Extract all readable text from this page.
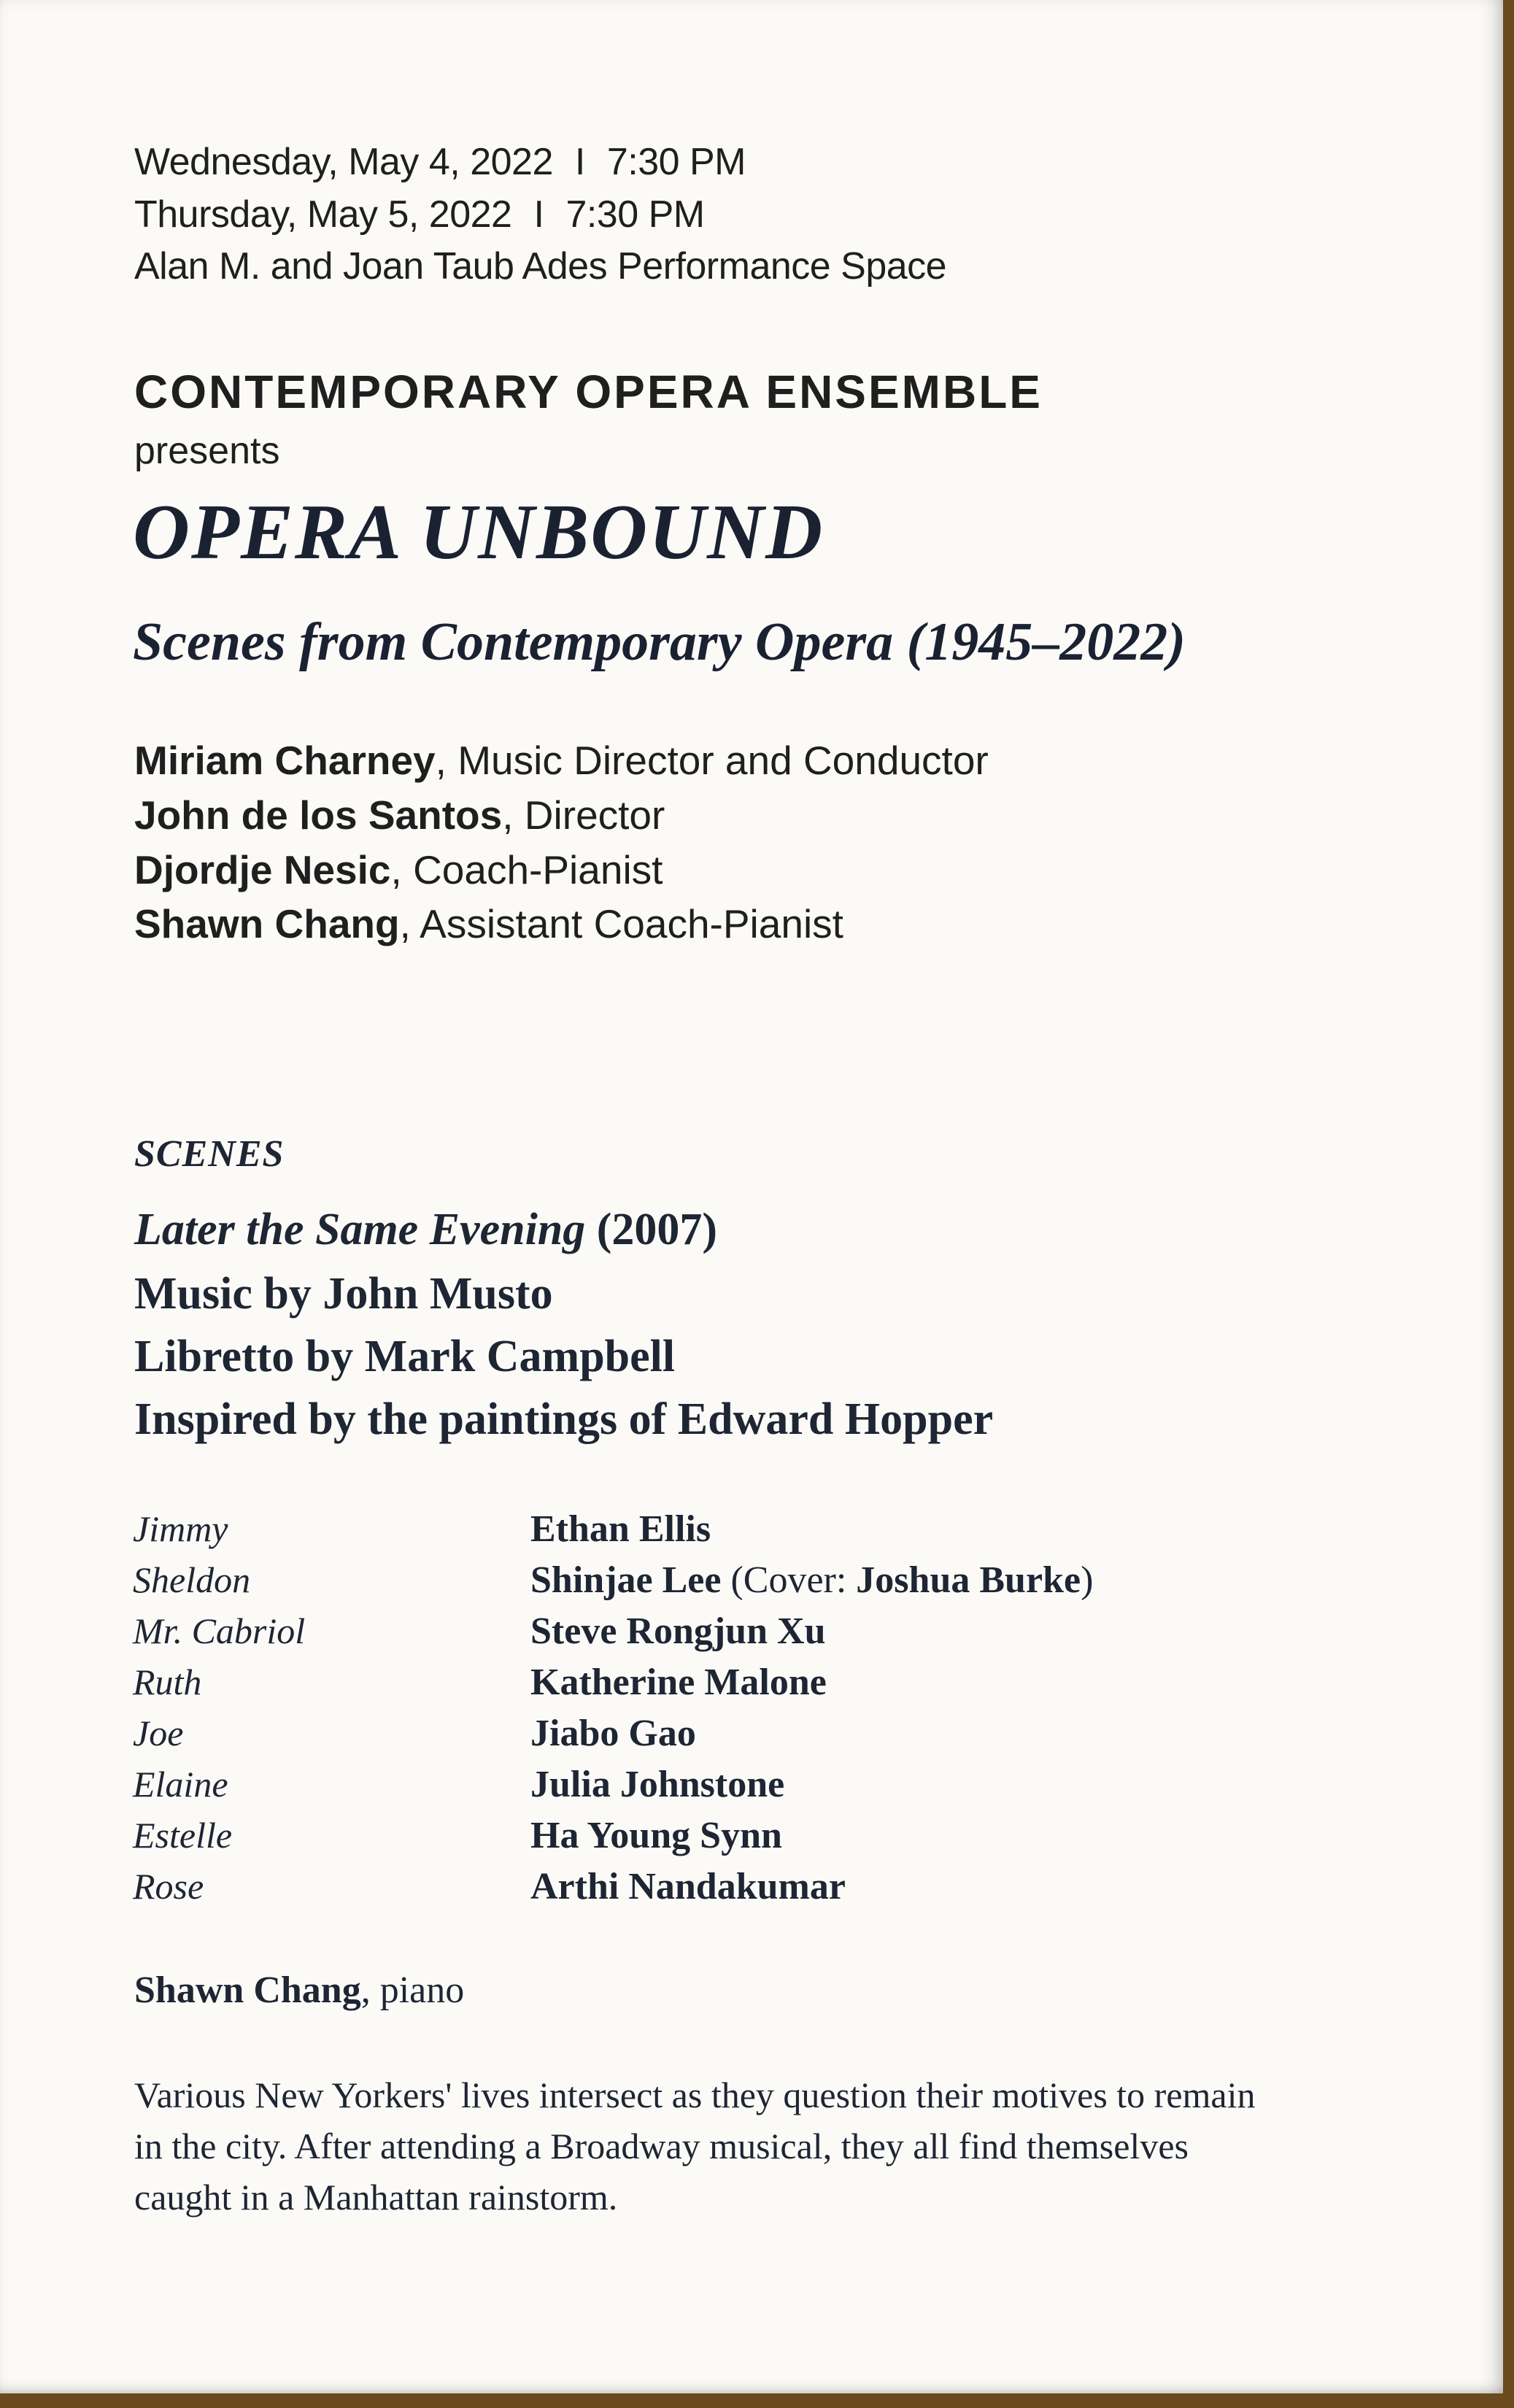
Wednesday, May 4, 2022 I 7:30 PM
Thursday, May 5, 2022 I 7:30 PM
Alan M. and Joan Taub Ades Performance Space
CONTEMPORARY OPERA ENSEMBLE
presents
OPERA UNBOUND
Scenes from Contemporary Opera (1945–2022)
Miriam Charney, Music Director and Conductor
John de los Santos, Director
Djordje Nesic, Coach-Pianist
Shawn Chang, Assistant Coach-Pianist
SCENES
Later the Same Evening (2007)
Music by John Musto
Libretto by Mark Campbell
Inspired by the paintings of Edward Hopper
Jimmy	Ethan Ellis
Sheldon	Shinjae Lee (Cover: Joshua Burke)
Mr. Cabriol	Steve Rongjun Xu
Ruth	Katherine Malone
Joe	Jiabo Gao
Elaine	Julia Johnstone
Estelle	Ha Young Synn
Rose	Arthi Nandakumar
Shawn Chang, piano
Various New Yorkers' lives intersect as they question their motives to remain
in the city. After attending a Broadway musical, they all find themselves
caught in a Manhattan rainstorm.
